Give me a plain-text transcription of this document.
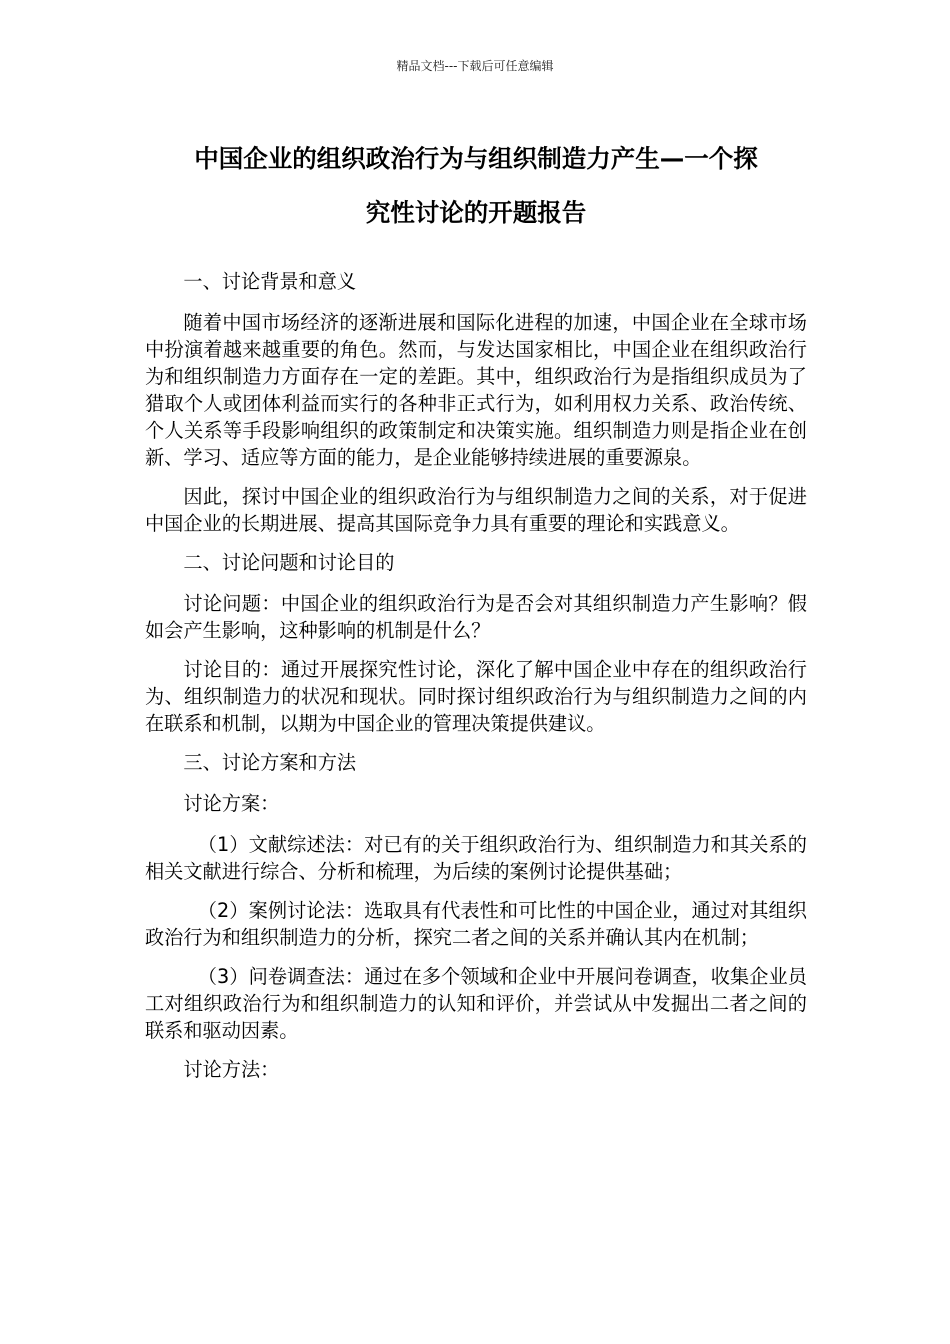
精品文档---下载后可任意编辑
中国企业的组织政治行为与组织制造力产生—一个探
究性讨论的开题报告

一、讨论背景和意义

随着中国市场经济的逐渐进展和国际化进程的加速，中国企业在全球市场中扮演着越来越重要的角色。然而，与发达国家相比，中国企业在组织政治行为和组织制造力方面存在一定的差距。其中，组织政治行为是指组织成员为了猎取个人或团体利益而实行的各种非正式行为，如利用权力关系、政治传统、个人关系等手段影响组织的政策制定和决策实施。组织制造力则是指企业在创新、学习、适应等方面的能力，是企业能够持续进展的重要源泉。

因此，探讨中国企业的组织政治行为与组织制造力之间的关系，对于促进中国企业的长期进展、提高其国际竞争力具有重要的理论和实践意义。

二、讨论问题和讨论目的

讨论问题：中国企业的组织政治行为是否会对其组织制造力产生影响？假如会产生影响，这种影响的机制是什么？

讨论目的：通过开展探究性讨论，深化了解中国企业中存在的组织政治行为、组织制造力的状况和现状。同时探讨组织政治行为与组织制造力之间的内在联系和机制，以期为中国企业的管理决策提供建议。

三、讨论方案和方法

讨论方案：

（1）文献综述法：对已有的关于组织政治行为、组织制造力和其关系的相关文献进行综合、分析和梳理，为后续的案例讨论提供基础；

（2）案例讨论法：选取具有代表性和可比性的中国企业，通过对其组织政治行为和组织制造力的分析，探究二者之间的关系并确认其内在机制；

（3）问卷调查法：通过在多个领域和企业中开展问卷调查，收集企业员工对组织政治行为和组织制造力的认知和评价，并尝试从中发掘出二者之间的联系和驱动因素。

讨论方法：
